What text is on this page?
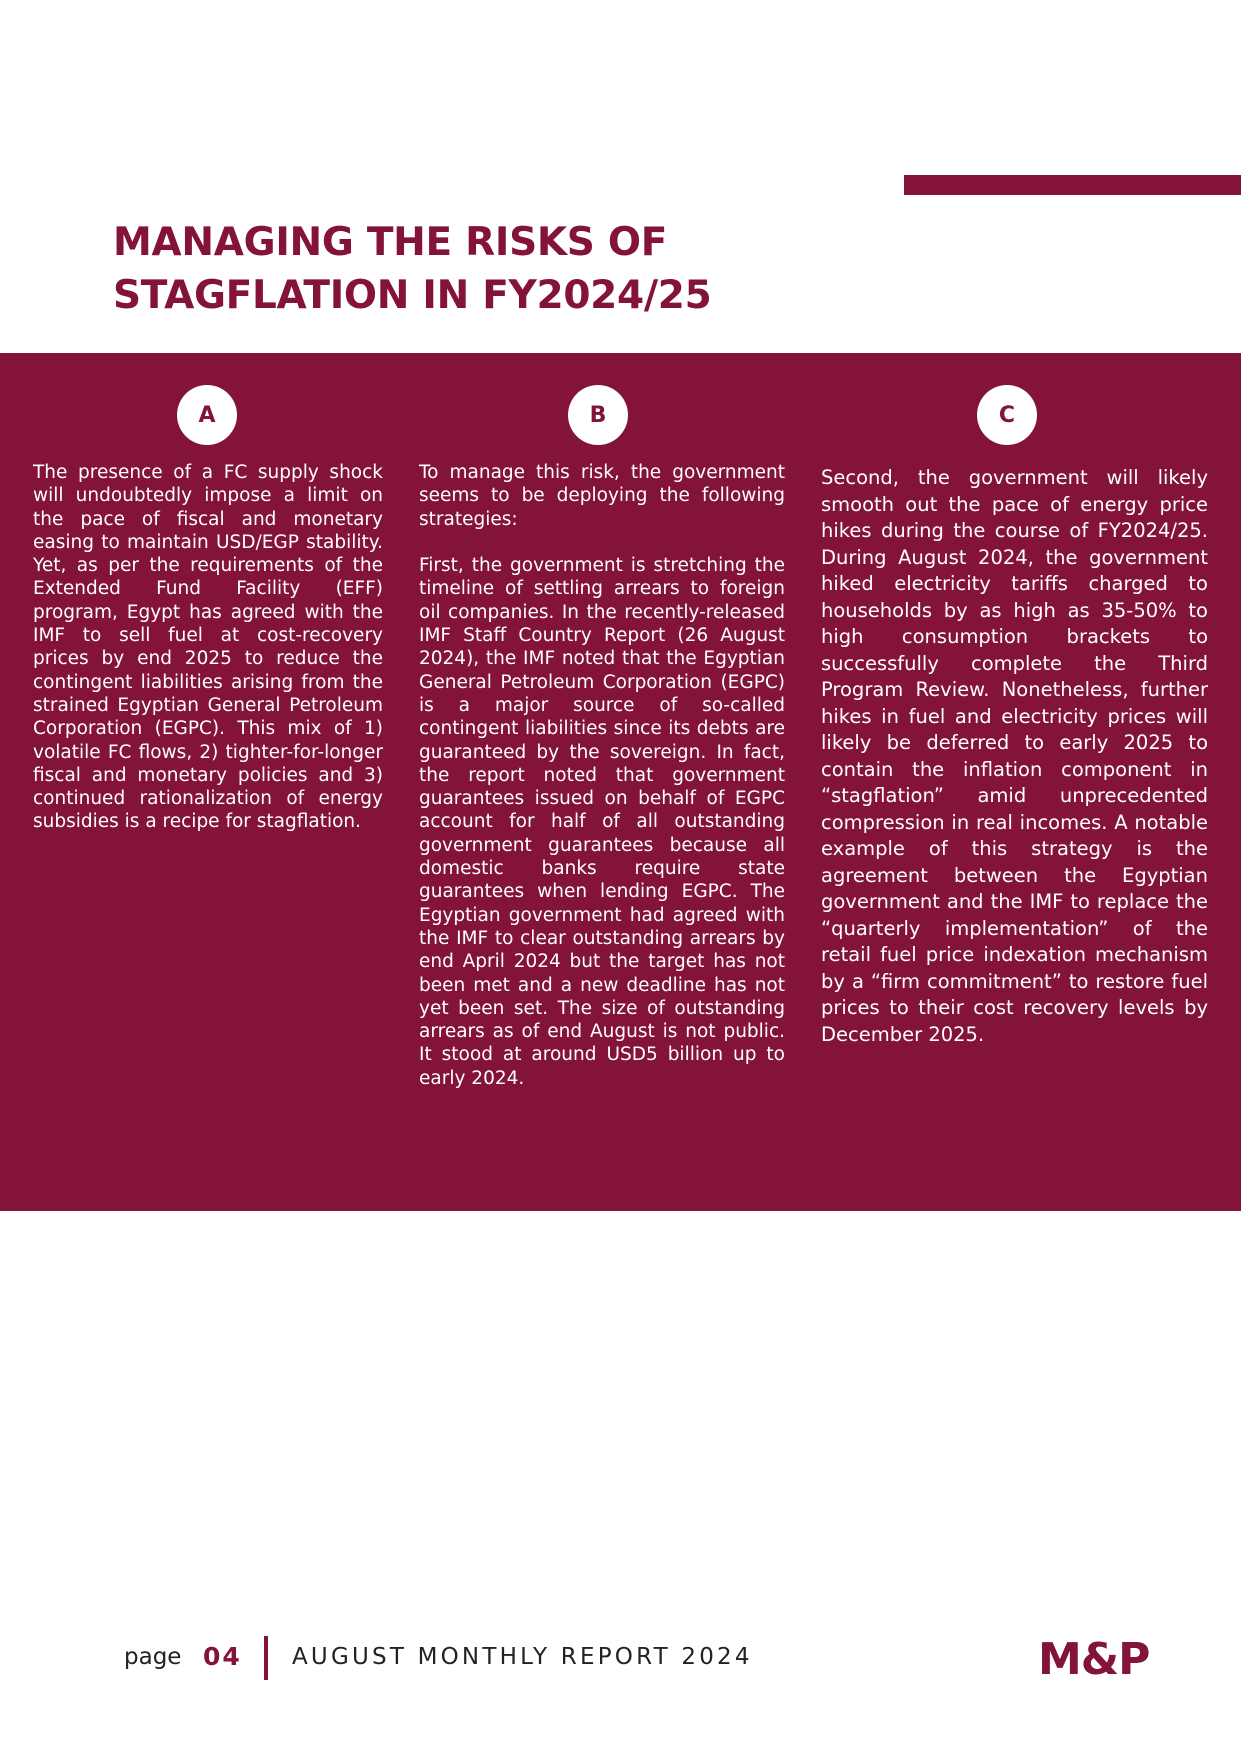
MANAGING THE RISKS OF
STAGFLATION IN FY2024/25
A	B	C

The presence of a FC supply shock will undoubtedly impose a limit on the pace of fiscal and monetary easing to maintain USD/EGP stability. Yet, as per the requirements of the Extended Fund Facility (EFF) program, Egypt has agreed with the IMF to sell fuel at cost-recovery prices by end 2025 to reduce the contingent liabilities arising from the strained Egyptian General Petroleum Corporation (EGPC). This mix of 1) volatile FC flows, 2) tighter-for-longer fiscal and monetary policies and 3) continued rationalization of energy subsidies is a recipe for stagflation.

To manage this risk, the government seems to be deploying the following strategies:

First, the government is stretching the timeline of settling arrears to foreign oil companies. In the recently-released IMF Staff Country Report (26 August 2024), the IMF noted that the Egyptian General Petroleum Corporation (EGPC) is a major source of so-called contingent liabilities since its debts are guaranteed by the sovereign. In fact, the report noted that government guarantees issued on behalf of EGPC account for half of all outstanding government guarantees because all domestic banks require state guarantees when lending EGPC. The Egyptian government had agreed with the IMF to clear outstanding arrears by end April 2024 but the target has not been met and a new deadline has not yet been set. The size of outstanding arrears as of end August is not public. It stood at around USD5 billion up to early 2024.

Second, the government will likely smooth out the pace of energy price hikes during the course of FY2024/25. During August 2024, the government hiked electricity tariffs charged to households by as high as 35-50% to high consumption brackets to successfully complete the Third Program Review. Nonetheless, further hikes in fuel and electricity prices will likely be deferred to early 2025 to contain the inflation component in “stagflation” amid unprecedented compression in real incomes. A notable example of this strategy is the agreement between the Egyptian government and the IMF to replace the “quarterly implementation” of the retail fuel price indexation mechanism by a “firm commitment” to restore fuel prices to their cost recovery levels by December 2025.

page 04 AUGUST MONTHLY REPORT 2024	M&P
